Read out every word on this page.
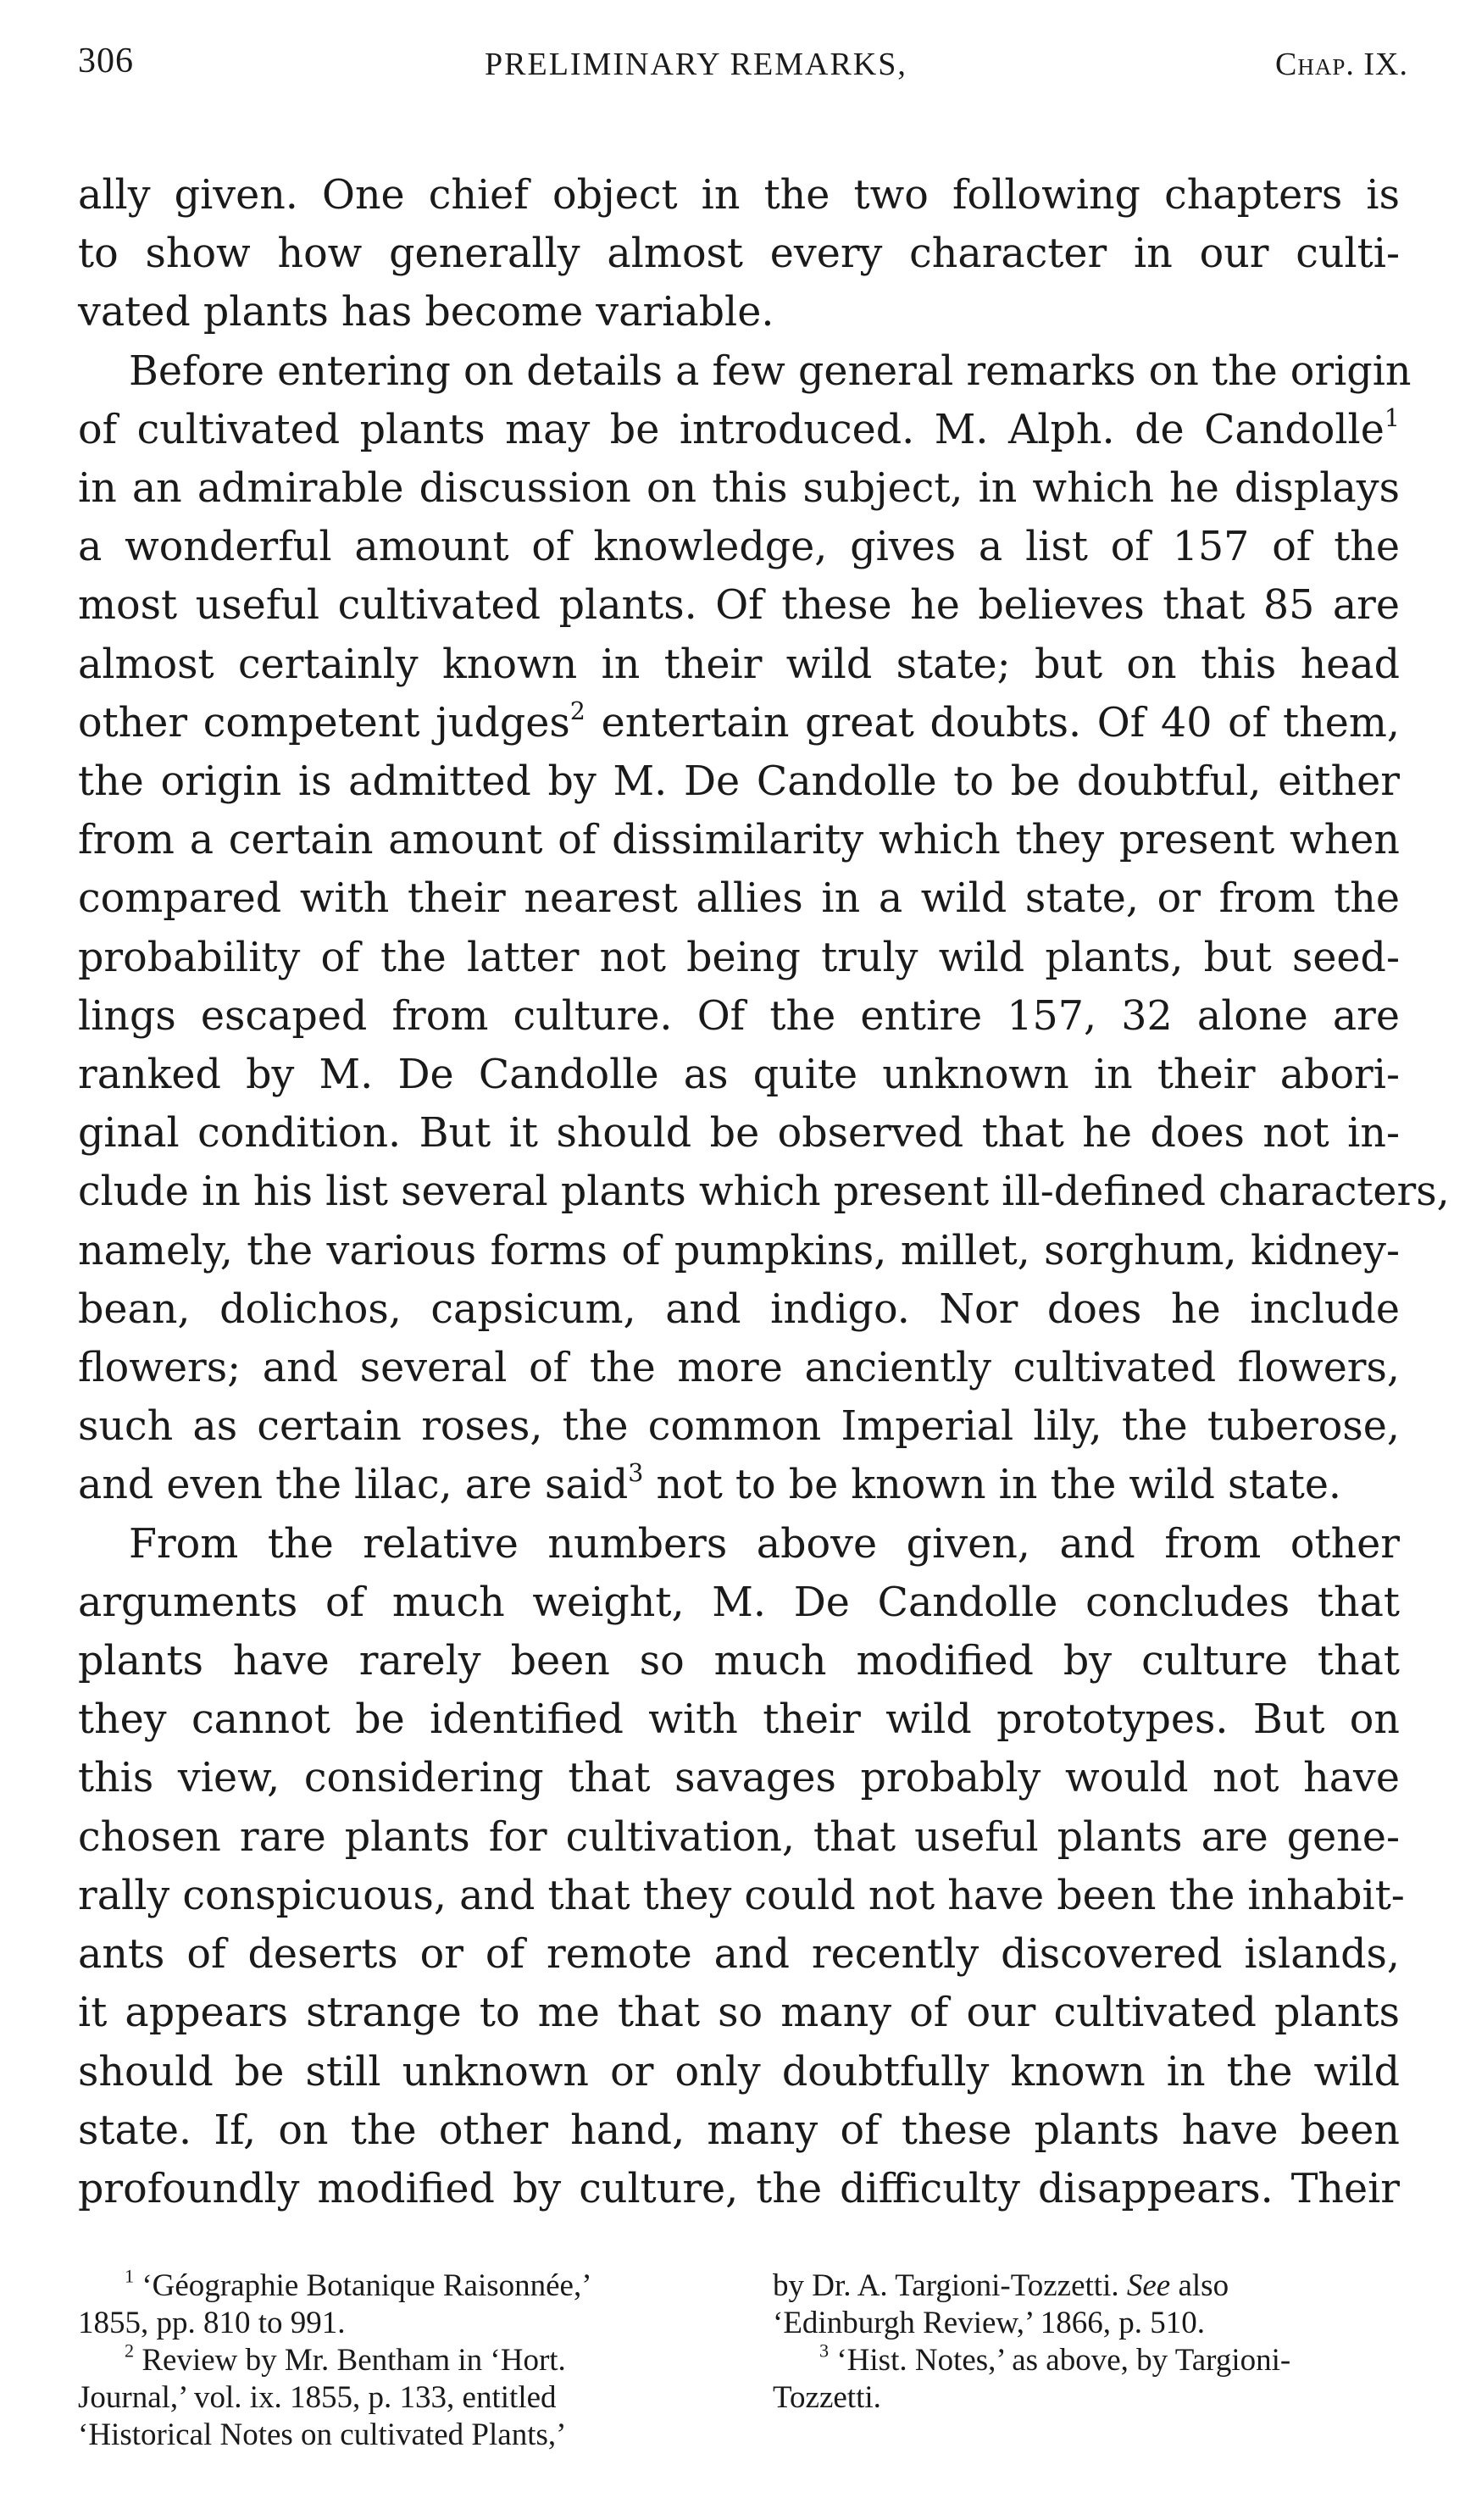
306	PRELIMINARY REMARKS,	Chap. IX.

ally given. One chief object in the two following chapters is
to show how generally almost every character in our culti-
vated plants has become variable.

Before entering on details a few general remarks on the origin
of cultivated plants may be introduced. M. Alph. de Candolle$^1$
in an admirable discussion on this subject, in which he displays
a wonderful amount of knowledge, gives a list of 157 of the
most useful cultivated plants. Of these he believes that 85 are
almost certainly known in their wild state; but on this head
other competent judges$^2$ entertain great doubts. Of 40 of them,
the origin is admitted by M. De Candolle to be doubtful, either
from a certain amount of dissimilarity which they present when
compared with their nearest allies in a wild state, or from the
probability of the latter not being truly wild plants, but seed-
lings escaped from culture. Of the entire 157, 32 alone are
ranked by M. De Candolle as quite unknown in their abori-
ginal condition. But it should be observed that he does not in-
clude in his list several plants which present ill-defined characters,
namely, the various forms of pumpkins, millet, sorghum, kidney-
bean, dolichos, capsicum, and indigo. Nor does he include
flowers; and several of the more anciently cultivated flowers,
such as certain roses, the common Imperial lily, the tuberose,
and even the lilac, are said$^3$ not to be known in the wild state.

From the relative numbers above given, and from other
arguments of much weight, M. De Candolle concludes that
plants have rarely been so much modified by culture that
they cannot be identified with their wild prototypes. But on
this view, considering that savages probably would not have
chosen rare plants for cultivation, that useful plants are gene-
rally conspicuous, and that they could not have been the inhabit-
ants of deserts or of remote and recently discovered islands,
it appears strange to me that so many of our cultivated plants
should be still unknown or only doubtfully known in the wild
state. If, on the other hand, many of these plants have been
profoundly modified by culture, the difficulty disappears. Their

$^1$ ‘Géographie Botanique Raisonnée,’
1855, pp. 810 to 991.
$^2$ Review by Mr. Bentham in ‘Hort.
Journal,’ vol. ix. 1855, p. 133, entitled
‘Historical Notes on cultivated Plants,’
by Dr. A. Targioni-Tozzetti. See also
‘Edinburgh Review,’ 1866, p. 510.
$^3$ ‘Hist. Notes,’ as above, by Targioni-
Tozzetti.
